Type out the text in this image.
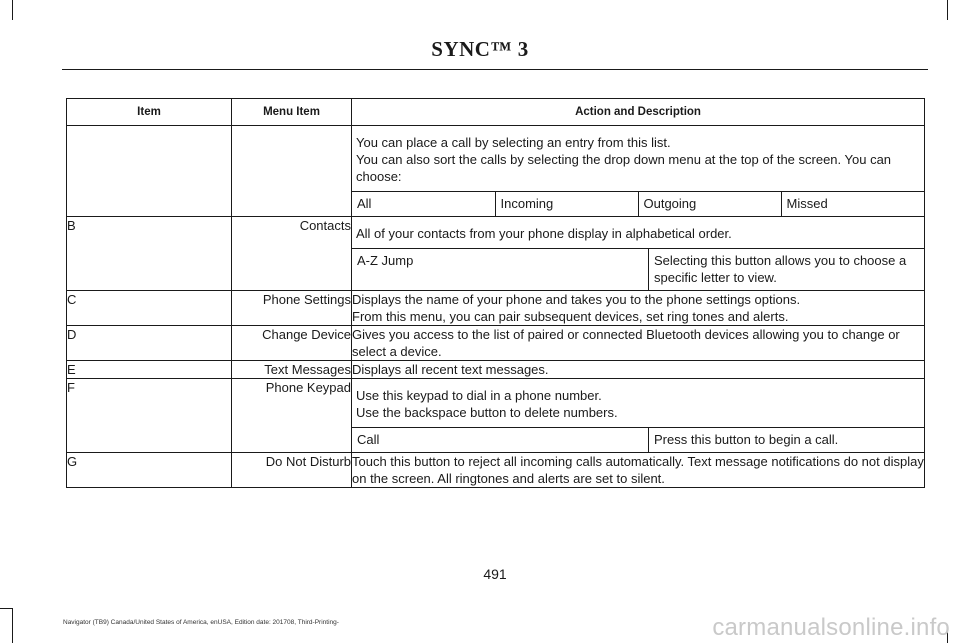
SYNC™ 3
Item	Menu Item	Action and Description

You can place a call by selecting an entry from this list.
You can also sort the calls by selecting the drop down menu at the top of the screen. You can choose:
All	Incoming	Outgoing	Missed

B	Contacts	
All of your contacts from your phone display in alphabetical order.
A-Z Jump	Selecting this button allows you to choose a specific letter to view.

C	Phone Settings	Displays the name of your phone and takes you to the phone settings options.
From this menu, you can pair subsequent devices, set ring tones and alerts.

D	Change Device	Gives you access to the list of paired or connected Bluetooth devices allowing you to change or select a device.

E	Text Messages	Displays all recent text messages.

F	Phone Keypad	
Use this keypad to dial in a phone number.
Use the backspace button to delete numbers.
Call	Press this button to begin a call.

G	Do Not Disturb	Touch this button to reject all incoming calls automatically. Text message notifications do not display on the screen. All ringtones and alerts are set to silent.
491
Navigator (TB9) Canada/United States of America, enUSA, Edition date: 201708, Third-Printing-	carmanualsonline.info
